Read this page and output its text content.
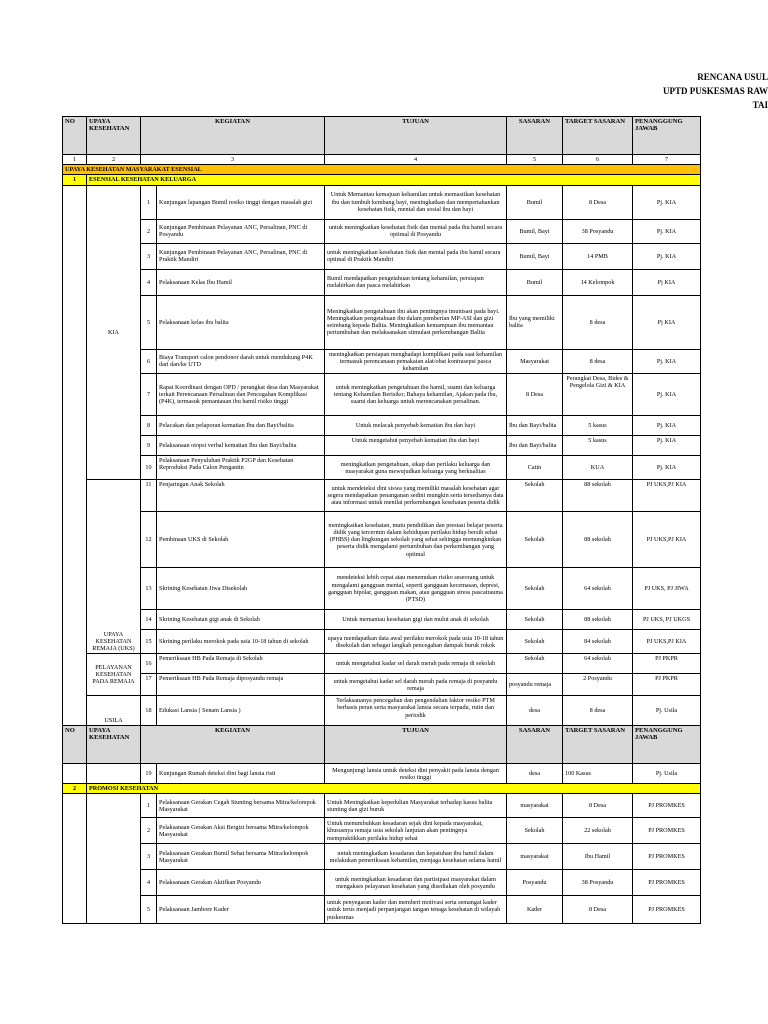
RENCANA USUL
UPTD PUSKESMAS RAW
TAI
NO	UPAYA KESEHATAN	KEGIATAN		TUJUAN	SASARAN	TARGET SASARAN	PENANGGUNG JAWAB
1	2	3		4	5	6	7
UPAYA KESEHATAN MASYARAKAT ESENSIAL							
1	ESENSIAL KESEHATAN KELUARGA						
	KIA	1	Kunjungan lapangan Bumil resiko tinggi dengan masalah gizi	Untuk Memantau kemajuan kehamilan untuk memastikan kesehatan ibu dan tumbuh kembang bayi, meningkatkan dan mempertahankan kesehatan fisik, mental dan sosial ibu dan bayi	Bumil	8 Desa	Pj. KIA
		2	Kunjungan Pembinaan Pelayanan ANC, Persalinan, PNC di Posyandu	untuk meningkatkan kesehatan fisik dan mental pada ibu hamil secara optimal di Posyandu	Bumil, Bayi	38 Posyandu	Pj. KIA
		3	Kunjungan Pembinaan Pelayanan ANC, Persalinan, PNC di Praktik Mandiri	untuk meningkatkan kesehatan fisik dan mental pada ibu hamil secara optimal di Praktik Mandiri	Bumil, Bayi	14 PMB	Pj. KIA
		4	Pelaksanaan Kelas Ibu Hamil	Bumil mendapatkan pengetahuan tentang kehamilan, persiapan melahirkan dan pasca melahirkan	Bumil	14 Kelompok	Pj KIA
		5	Pelaksanaan kelas ibu balita	Meningkatkan pengetahuan ibu akan pentingnya imunisasi pada bayi. Meningkatkan pengetahuan ibu dalam pemberian MP-ASI dan gizi seimbang kepada Balita. Meningkatkan kemampuan ibu memantau pertumbuhan dan melaksanakan stimulasi perkembangan Balita	Ibu yang memiliki balita	8 desa	Pj KIA
		6	Biaya Transport calon pendonor darah untuk mendukung P4K dari dan/ke UTD	meningkatkan persiapan menghadapi komplikasi pada saat kehamilan termasuk perencanaan pemakaian alat/obat kontrasepsi pasca kehamilan	Masyarakat	8 desa	Pj. KIA
		7	Rapat Koordinasi dengan OPD / perangkat desa dan Masyarakat terkait Perencanaan Persalinan dan Pencegahan Komplikasi (P4K), termasuk pemantauan ibu hamil risiko tinggi	untuk meningkatkan pengetahuan ibu hamil, suami dan keluarga tentang Kehamilan Berisiko; Bahaya kehamilan, Ajakan pada ibu, suami dan keluarga untuk merencanakan persalinan.	8 Desa	Perangkat Desa, Bides & Pengelola Gizi & KIA	Pj. KIA
		8	Pelacakan dan pelaporan kematian Ibu dan Bayi/balita	Untuk melacak penyebab kematian ibu dan bayi	Ibu dan Bayi/balita	5 kasus	Pj. KIA
		9	Pelaksanaan otopsi verbal kematian Ibu dan Bayi/balita	Untuk mengetahui penyebab kematian ibu dan bayi	Ibu dan Bayi/balita	5 kasus	Pj. KIA
		10	Pelaksanaan Penyuluhan Praktik P2GP dan Kesehatan Reproduksi Pada Calon Pengantin	meningkatkan pengetahuan, sikap dan perilaku keluarga dan masyarakat guna mewujudkan keluarga yang berkualitas	Catin	KUA	Pj. KIA
	UPAYA KESEHATAN REMAJA (UKS)	11	Penjaringan Anak Sekolah	untuk mendeteksi dini siswa yang memiliki masalah kesehatan agar segera mendapatkan penanganan sedini mungkin serta tersedianya data atau informasi untuk menilai perkembangan kesehatan peserta didik	Sekolah	88 sekolah	PJ UKS,PJ KIA
		12	Pembinaan UKS di Sekolah	meningkatkan kesehatan, mutu pendidikan dan prestasi belajar peserta didik yang tercermin dalam kehidupan perilaku hidup bersih sehat (PHBS) dan lingkungan sekolah yang sehat sehingga memungkinkan peserta didik mengalami pertumbuhan dan perkembangan yang optimal	Sekolah	88 sekolah	PJ UKS,PJ KIA
		13	Skrining Kesehatan Jiwa Disekolah	mendeteksi lebih cepat atau menemukan risiko seseorang untuk mengalami gangguan mental, seperti gangguan kecemasan, depresi, gangguan bipolar, gangguan makan, atau gangguan stress pascatrauma (PTSD)	Sekolah	64 sekolah	PJ UKS, PJ JIWA
		14	Skrining Kesehatan gigi anak di Sekolah	Untuk memantau kesehatan gigi dan mulut anak di sekolah	Sekolah	88 sekolah	PJ UKS, PJ UKGS
		15	Skrining perilaku merokok pada usia 10-18 tahun di sekolah	upaya mendapatkan data awal perilaku merokok pada usia 10-18 tahun disekolah dan sebagai langkah pencegahan dampak buruk rokok	Sekolah	84 sekolah	PJ UKS,PJ KIA
	PELAYANAN KESEHATAN PADA REMAJA	16	Pemeriksaan HB Pada Remaja di Sekolah	untuk mengetahui kadar sel darah merah pada remaja di sekolah	Sekolah	64 sekolah	PJ PKPR
		17	Pemeriksaan HB Pada Remaja diposyandu remaja	untuk mengetahui kadar sel darah merah pada remaja di posyandu remaja	posyandu remaja	2 Posyandu	PJ PKPR
	USILA	18	Edukasi Lansia ( Senam Lansia )	Terlaksananya pencegahan dan pengendalian faktor resiko PTM berbasis peran serta masyarakat lansia secara terpadu, rutin dan periodik	desa	8 desa	Pj. Usila
NO	UPAYA KESEHATAN	KEGIATAN		TUJUAN	SASARAN	TARGET SASARAN	PENANGGUNG JAWAB
		19	Kunjungan Rumah deteksi dini bagi lansia risti	Mengunjungi lansia untuk deteksi dini penyakit pada lansia dengan resiko tinggi	desa	100 Kasus	Pj. Usila
2	PROMOSI KESEHATAN						
		1	Pelaksanaan Gerakan Cegah Stunting bersama Mitra/kelompok Masyarakat	Untuk Meningkatkan kepedulian Masyarakat terhadap kasus balita stunting dan gizi buruk	masyarakat	8 Desa	PJ PROMKES
		2	Pelaksanaan Gerakan Aksi Bergizi bersama Mitra/kelompok Masyarakat	Untuk menumbuhkan kesadaran sejak dini kepada masyarakat, khususnya remaja usia sekolah lanjutan akan pentingnya mempraktikkan perilaku hidup sehat	Sekolah	22 sekolah	PJ PROMKES
		3	Pelaksanaan Gerakan Bumil Sehat bersama Mitra/kelompok Masyarakat	untuk meningkatkan kesadaran dan kepatuhan ibu hamil dalam melakukan pemeriksaan kehamilan, menjaga kesehatan selama hamil	masyarakat	Ibu Hamil	PJ PROMKES
		4	Pelaksanaan Gerakan Aktifkan Posyandu	untuk meningkatkan kesadaran dan partisipasi masyarakat dalam mengakses pelayanan kesehatan yang disediakan oleh posyandu	Posyandu	38 Posyandu	PJ PROMKES
		5	Pelaksanaan Jambore Kader	untuk penyegaran kader dan memberi motivasi serta semangat kader untuk terus menjadi perpanjangan tangan tenaga kesehatan di wilayah puskesmas	Kader	8 Desa	PJ PROMKES
